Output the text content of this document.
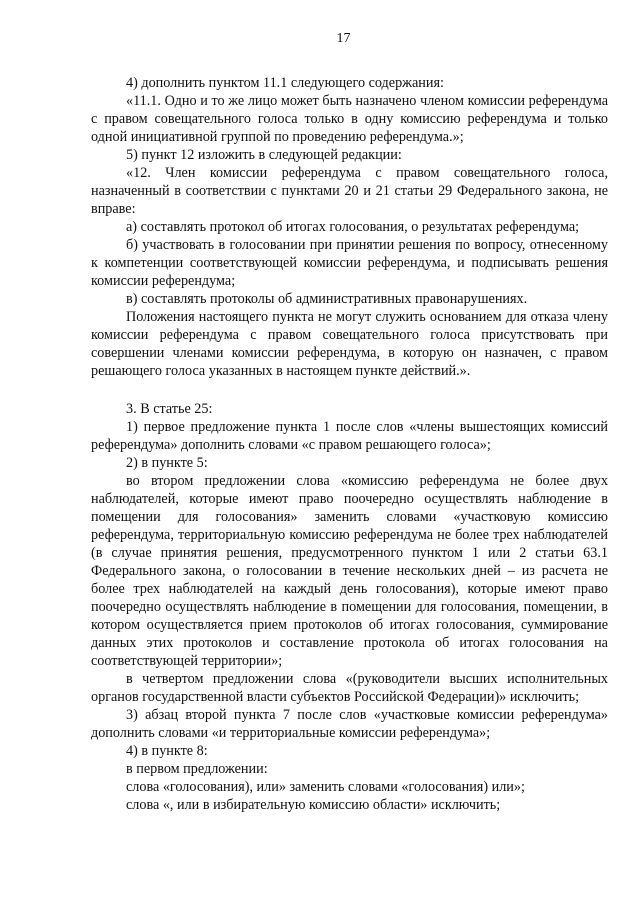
17

4) дополнить пунктом 11.1 следующего содержания:

«11.1. Одно и то же лицо может быть назначено членом комиссии референдума с правом совещательного голоса только в одну комиссию референдума и только одной инициативной группой по проведению референдума.»;

5) пункт 12 изложить в следующей редакции:

«12. Член комиссии референдума с правом совещательного голоса, назначенный в соответствии с пунктами 20 и 21 статьи 29 Федерального закона, не вправе:

а) составлять протокол об итогах голосования, о результатах референдума;

б) участвовать в голосовании при принятии решения по вопросу, отнесенному к компетенции соответствующей комиссии референдума, и подписывать решения комиссии референдума;

в) составлять протоколы об административных правонарушениях.

Положения настоящего пункта не могут служить основанием для отказа члену комиссии референдума с правом совещательного голоса присутствовать при совершении членами комиссии референдума, в которую он назначен, с правом решающего голоса указанных в настоящем пункте действий.».

3. В статье 25:

1) первое предложение пункта 1 после слов «члены вышестоящих комиссий референдума» дополнить словами «с правом решающего голоса»;

2) в пункте 5:

во втором предложении слова «комиссию референдума не более двух наблюдателей, которые имеют право поочередно осуществлять наблюдение в помещении для голосования» заменить словами «участковую комиссию референдума, территориальную комиссию референдума не более трех наблюдателей (в случае принятия решения, предусмотренного пунктом 1 или 2 статьи 63.1 Федерального закона, о голосовании в течение нескольких дней – из расчета не более трех наблюдателей на каждый день голосования), которые имеют право поочередно осуществлять наблюдение в помещении для голосования, помещении, в котором осуществляется прием протоколов об итогах голосования, суммирование данных этих протоколов и составление протокола об итогах голосования на соответствующей территории»;

в четвертом предложении слова «(руководители высших исполнительных органов государственной власти субъектов Российской Федерации)» исключить;

3) абзац второй пункта 7 после слов «участковые комиссии референдума» дополнить словами «и территориальные комиссии референдума»;

4) в пункте 8:

в первом предложении:

слова «голосования), или» заменить словами «голосования) или»;

слова «, или в избирательную комиссию области» исключить;
